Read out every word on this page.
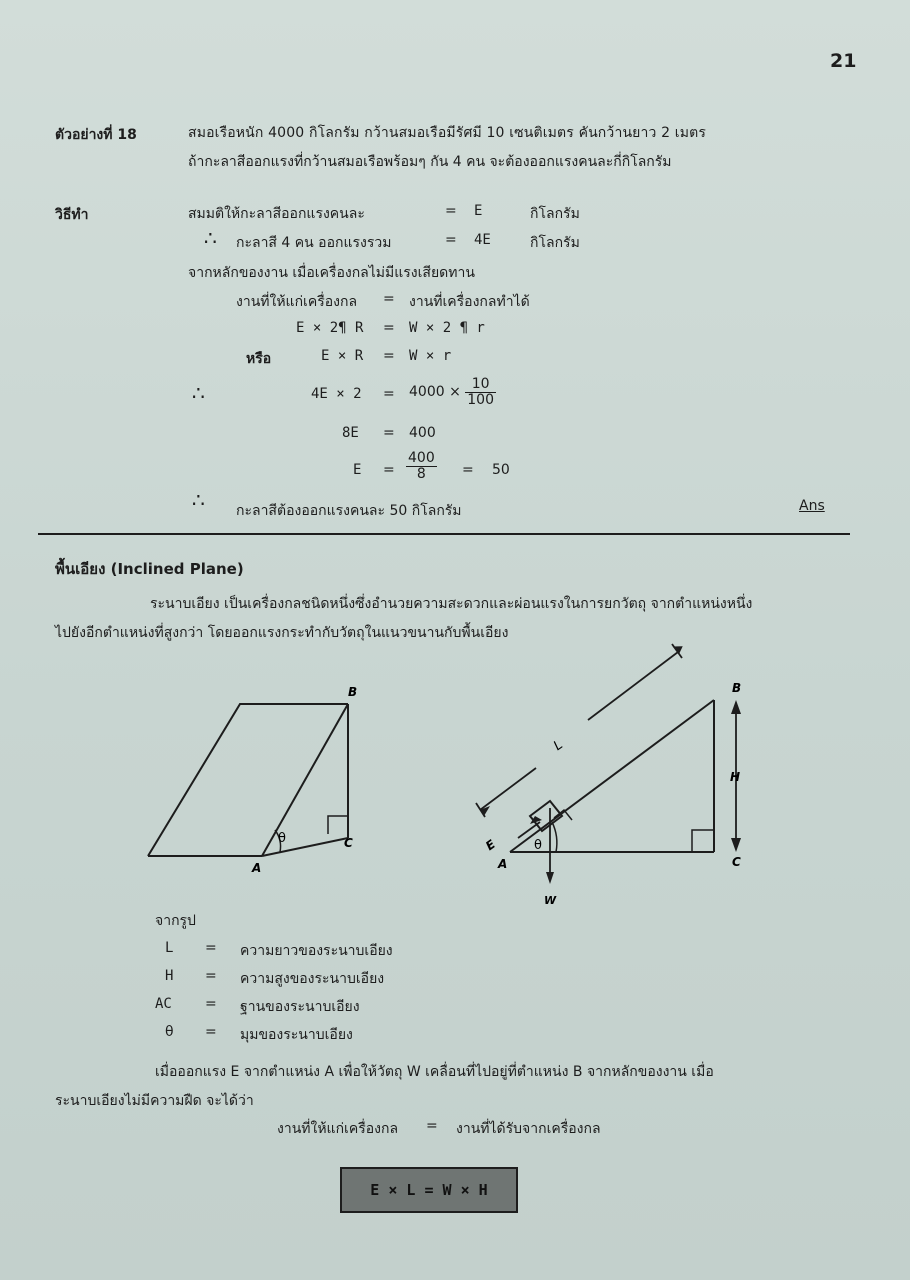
21
ตัวอย่างที่ 18	สมอเรือหนัก 4000 กิโลกรัม กว้านสมอเรือมีรัศมี 10 เซนติเมตร คันกว้านยาว 2 เมตร
ถ้ากะลาสีออกแรงที่กว้านสมอเรือพร้อมๆ กัน 4 คน จะต้องออกแรงคนละกี่กิโลกรัม
วิธีทำ	สมมติให้กะลาสีออกแรงคนละ	= E	กิโลกรัม
∴ กะลาสี 4 คน ออกแรงรวม	= 4E	กิโลกรัม
จากหลักของงาน เมื่อเครื่องกลไม่มีแรงเสียดทาน
งานที่ให้แก่เครื่องกล = งานที่เครื่องกลทำได้
E × 2¶ R = W × 2 ¶ r
หรือ	E × R = W × r
∴	$4E \times 2 = 4000 \times \frac{10}{100}$
8E = 400
$E = \frac{400}{8} = 50$
∴ กะลาสีต้องออกแรงคนละ 50 กิโลกรัม	Ans
พื้นเอียง (Inclined Plane)
ระนาบเอียง เป็นเครื่องกลชนิดหนึ่งซึ่งอำนวยความสะดวกและผ่อนแรงในการยกวัตถุ จากตำแหน่งหนึ่ง
ไปยังอีกตำแหน่งที่สูงกว่า โดยออกแรงกระทำกับวัตถุในแนวขนานกับพื้นเอียง
B
A
C
θ
B
A	C
θ
L
H
E
W
จากรูป
L = ความยาวของระนาบเอียง
H = ความสูงของระนาบเอียง
AC = ฐานของระนาบเอียง
θ = มุมของระนาบเอียง
เมื่อออกแรง E จากตำแหน่ง A เพื่อให้วัตถุ W เคลื่อนที่ไปอยู่ที่ตำแหน่ง B จากหลักของงาน เมื่อ
ระนาบเอียงไม่มีความฝืด จะได้ว่า
งานที่ให้แก่เครื่องกล = งานที่ได้รับจากเครื่องกล
E × L = W × H
